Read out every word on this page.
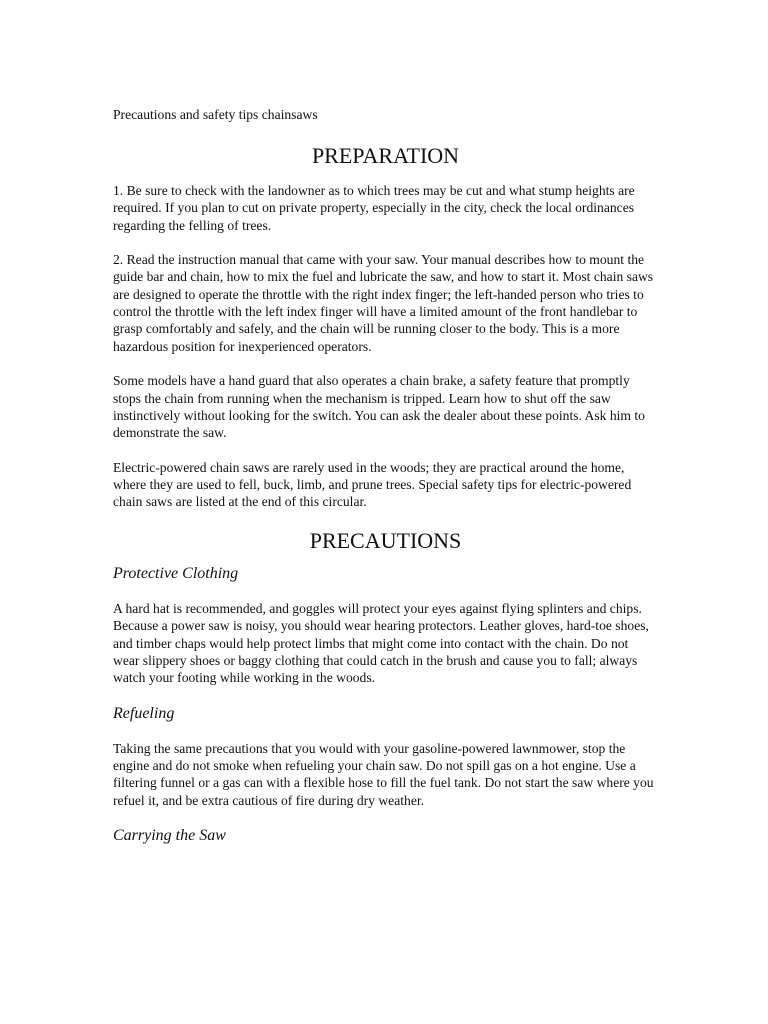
Precautions and safety tips chainsaws

PREPARATION

1. Be sure to check with the landowner as to which trees may be cut and what stump heights are required. If you plan to cut on private property, especially in the city, check the local ordinances regarding the felling of trees.

2. Read the instruction manual that came with your saw. Your manual describes how to mount the guide bar and chain, how to mix the fuel and lubricate the saw, and how to start it. Most chain saws are designed to operate the throttle with the right index finger; the left-handed person who tries to control the throttle with the left index finger will have a limited amount of the front handlebar to grasp comfortably and safely, and the chain will be running closer to the body. This is a more hazardous position for inexperienced operators.

Some models have a hand guard that also operates a chain brake, a safety feature that promptly stops the chain from running when the mechanism is tripped. Learn how to shut off the saw instinctively without looking for the switch. You can ask the dealer about these points. Ask him to demonstrate the saw.

Electric-powered chain saws are rarely used in the woods; they are practical around the home, where they are used to fell, buck, limb, and prune trees. Special safety tips for electric-powered chain saws are listed at the end of this circular.

PRECAUTIONS
Protective Clothing

A hard hat is recommended, and goggles will protect your eyes against flying splinters and chips. Because a power saw is noisy, you should wear hearing protectors. Leather gloves, hard-toe shoes, and timber chaps would help protect limbs that might come into contact with the chain. Do not wear slippery shoes or baggy clothing that could catch in the brush and cause you to fall; always watch your footing while working in the woods.

Refueling

Taking the same precautions that you would with your gasoline-powered lawnmower, stop the engine and do not smoke when refueling your chain saw. Do not spill gas on a hot engine. Use a filtering funnel or a gas can with a flexible hose to fill the fuel tank. Do not start the saw where you refuel it, and be extra cautious of fire during dry weather.

Carrying the Saw
